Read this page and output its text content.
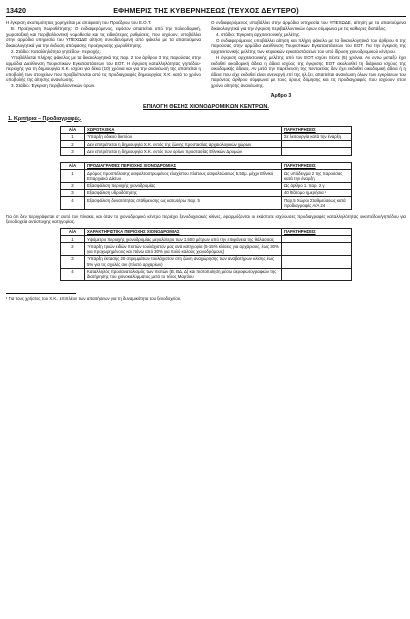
13420	ΕΦΗΜΕΡΙΣ ΤΗΣ ΚΥΒΕΡΝΗΣΕΩΣ (ΤΕΥΧΟΣ ΔΕΥΤΕΡΟ)

Η έγκριση σκοπιμότητας χορηγείται με απόφαση του Προέδρου του Ε.Ο.Τ.

Β. Προέγκριση Χωροθέτησης: Ο ενδιαφερόμενος, εφόσον απαιτείται από την πολεοδομική, χωροταξική και περιβαλλοντική νομοθεσία και τις ειδικότερες ρυθμίσεις, που ισχύουν, υποβάλλει στην αρμόδια υπηρεσία του ΥΠΕΧΩΔΕ αίτηση συνοδευόμενη από φάκελο με τα απαιτούμενα δικαιολογητικά για την έκδοση απόφασης προέγκρισης χωροθέτησης.

2. Στάδιο: Καταλληλότητα γηπέδου- περιοχής.

Υποβάλλεται πλήρης φάκελος με τα δικαιολογητικά της παρ. 2 του άρθρου 3 της παρούσας στην αρμόδια Διεύθυνση Τουριστικών Εγκαταστάσεων του ΕΟΤ. Η έγκριση καταλληλότητας γηπέδου- περιοχής για τη δημιουργία Χ.Κ. ισχύει για δέκα (10) χρόνια και για την ανανέωσή της απαιτείται η υποβολή των στοιχείων που προβλέπονται από τις προδιαγραφές δημιουργίας Χ.Κ. κατά το χρόνο υποβολής της αίτησης ανανέωσης.

3. Στάδιο: Έγκριση περιβαλλοντικών όρων.

Ο ενδιαφερόμενος υποβάλλει στην αρμόδια υπηρεσία του ΥΠΕΧΩΔΕ, αίτηση με τα απαιτούμενα δικαιολογητικά για την έγκριση περιβαλλοντικών όρων σύμφωνα με τις καθιερες διατάξεις.

4. στάδιο: Έγκριση αρχιτεκτονικής μελέτης.

Ο ενδιαφερόμενος υποβάλλει αίτηση και πλήρη φάκελο με τα δικαιολογητικά του άρθρου 6 της παρούσας στην αρμόδια Διεύθυνση Τουριστικών Εγκαταστάσεων του ΕΟΤ. Για την έγκριση της αρχιτεκτονικής μελέτης των κτιριακών εγκαταστάσεων του υπό ίδρυση χιονοδρομικού κέντρου.

Η έγκριση αρχιτεκτονικής μελέτης από τον ΕΟΤ ισχύει πέντε (5) χρόνια. Αν εντω μεταξύ έχει εκδοθεί οικοδομική άδεια η άδεια ισχύος της έγκρισης ΕΟΤ ακολουθεί τη διάρκεια ισχύος της οικοδομικής άδειας. Αν μετά την παρέλευση της πενταετίας δεν έχει εκδοθεί οικοδομική άδεια ή η άδεια που είχε εκδοθεί είναι ανενεργή επί της ηλ.ζει, απαιτείται ανανέωση όλων των εγκρίσεων του παρόντος άρθρου σύμφωνα με τους όρους δόμησης και τις προδιαγραφές που ισχύουν στον χρόνο αίτησης ανανέωσης.

Άρθρο 3
ΕΠΙΛΟΓΗ ΘΕΣΗΣ ΧΙΟΝΟΔΡΟΜΙΚΩΝ ΚΕΝΤΡΩΝ.
1. Κριτήρια – Προδιαγραφές.
Α/Α	ΧΩΡΟΤΑΞΙΚΑ	ΠΑΡΑΤΗΡΗΣΕΙΣ
1	Ύπαρξη οδικού δικτύου	Σε λειτουργία κατά την έναρξη
2	Δεν επιτρέπεται η δημιουργία Χ.Κ. εντός της ζώνης προστασίας αρχαιολογικών χώρων	
3	Δεν επιτρέπεται η δημιουργία Χ.Κ. εντός των ορίων προστασίας Εθνικών Δρυμών	
Α/Α	ΠΡΟΔΙΑΓΡΑΦΕΣ ΠΕΡΙΟΧΗΣ ΧΙΟΝΟΔΡΟΜΙΑΣ	ΠΑΡΑΤΗΡΗΣΕΙΣ
1	Δρόμος προσπέλασης ασφαλτοστρωμένος ελαχίστου πλάτους ασφαλτώσεως 5,50μ. μέχρι Εθνικό Επαρχιακό Δίκτυο	Ως υπόδειγμα 2 της παρούσας κατά την έναρξη
2	Εξασφάλιση περιοχής χιονοδρομίας	Ως άρθρο 1. παρ. 2 γ
3	Εξασφάλιση υδροδότησης	40 lt/άτομο ημερήσια ¹
4	Εξασφάλιση δυνατότητας στάθμευσης ως κατωτέρω παρ. 5	Παρ.5 Χώροι Σταθμεύσεως κατά προδιαγραφές Α/Α 24
Για ότι δεν περιγράφεται σ' αυτό τον πίνακα, και όταν το χιονοδρομικό κέντρο περιέχει ξενοδοχειακές κλίνες, εφαρμόζονται οι εκάστοτε ισχύουσες προδιαγραφές καταλληλότητας οικοπέδου/γηπέδου για ξενοδοχεία αντίστοιχης κατηγορίας.
Α/Α	ΧΑΡΑΚΤΗΡΙΣΤΙΚΑ ΠΕΡΙΟΧΗΣ ΧΙΟΝΟΔΡΟΜΙΑΣ	ΠΑΡΑΤΗΡΗΣΕΙΣ
1	Υψόμετρο περιοχής χιονοδρομίας μεγαλύτερο των 1.500 μέτρων από την επιφάνεια της θάλασσας	
2	Ύπαρξη τριών ειδών πιστών τουλάχιστον μας ανά κατηγορία (5-15% κλίσεις για αρχάριους, έως 30% για προχωρημένους και πάνω από 30% για πολύ καλούς χιονοδρόμους)	
3	Ύπαρξη έκτασης 20 στρεμμάτων τουλάχιστον στη ζώνη αναχώρησης των αναβατήρων κλίσης έως 5% για τις σχολές σκι (πλατό αρχαρίων)	
4	Καταλληλός προσανατολισμός των πιστών (Β, ΒΔ, Δ) και πιστοποίηση μέσω αεροφωτογραφιών της διατήρησης του χιονοκαλύμματος μετά το τέλος Μαρτίου	
¹ Για τους χρήστες του Χ.Κ., επιπλέον των απαιτήσεων για τη δυναμικότητα του ξενοδοχείου.
